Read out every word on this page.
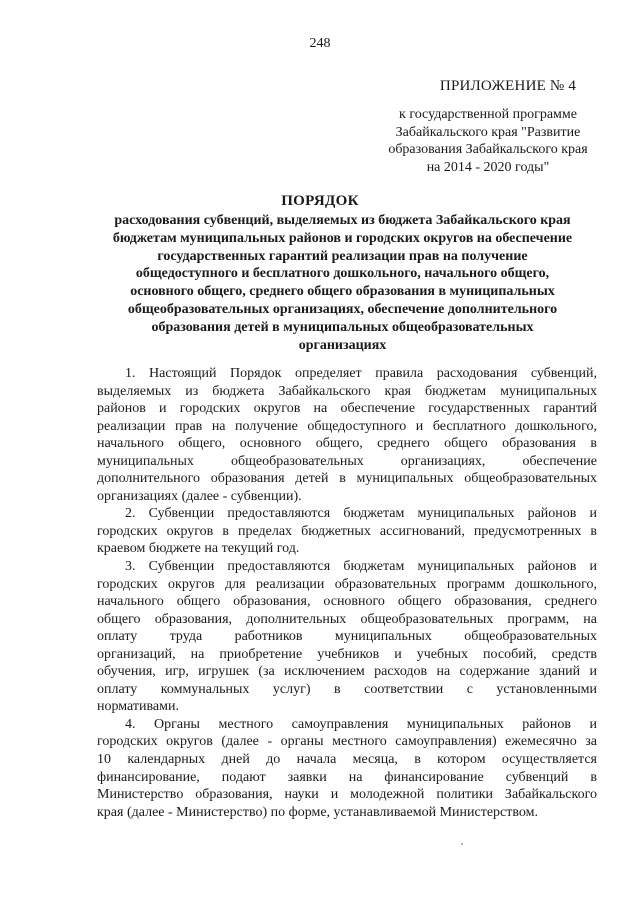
248
ПРИЛОЖЕНИЕ № 4
к государственной программе
Забайкальского края "Развитие
образования Забайкальского края
на 2014 - 2020 годы"
ПОРЯДОК
расходования субвенций, выделяемых из бюджета Забайкальского края
бюджетам муниципальных районов и городских округов на обеспечение
государственных гарантий реализации прав на получение
общедоступного и бесплатного дошкольного, начального общего,
основного общего, среднего общего образования в муниципальных
общеобразовательных организациях, обеспечение дополнительного
образования детей в муниципальных общеобразовательных
организациях
1. Настоящий Порядок определяет правила расходования субвенций,
выделяемых из бюджета Забайкальского края бюджетам муниципальных
районов и городских округов на обеспечение государственных гарантий
реализации прав на получение общедоступного и бесплатного дошкольного,
начального общего, основного общего, среднего общего образования в
муниципальных общеобразовательных организациях, обеспечение
дополнительного образования детей в муниципальных общеобразовательных
организациях (далее - субвенции).
2. Субвенции предоставляются бюджетам муниципальных районов и
городских округов в пределах бюджетных ассигнований, предусмотренных в
краевом бюджете на текущий год.
3. Субвенции предоставляются бюджетам муниципальных районов и
городских округов для реализации образовательных программ дошкольного,
начального общего образования, основного общего образования, среднего
общего образования, дополнительных общеобразовательных программ, на
оплату труда работников муниципальных общеобразовательных
организаций, на приобретение учебников и учебных пособий, средств
обучения, игр, игрушек (за исключением расходов на содержание зданий и
оплату коммунальных услуг) в соответствии с установленными
нормативами.
4. Органы местного самоуправления муниципальных районов и
городских округов (далее - органы местного самоуправления) ежемесячно за
10 календарных дней до начала месяца, в котором осуществляется
финансирование, подают заявки на финансирование субвенций в
Министерство образования, науки и молодежной политики Забайкальского
края (далее - Министерство) по форме, устанавливаемой Министерством.
